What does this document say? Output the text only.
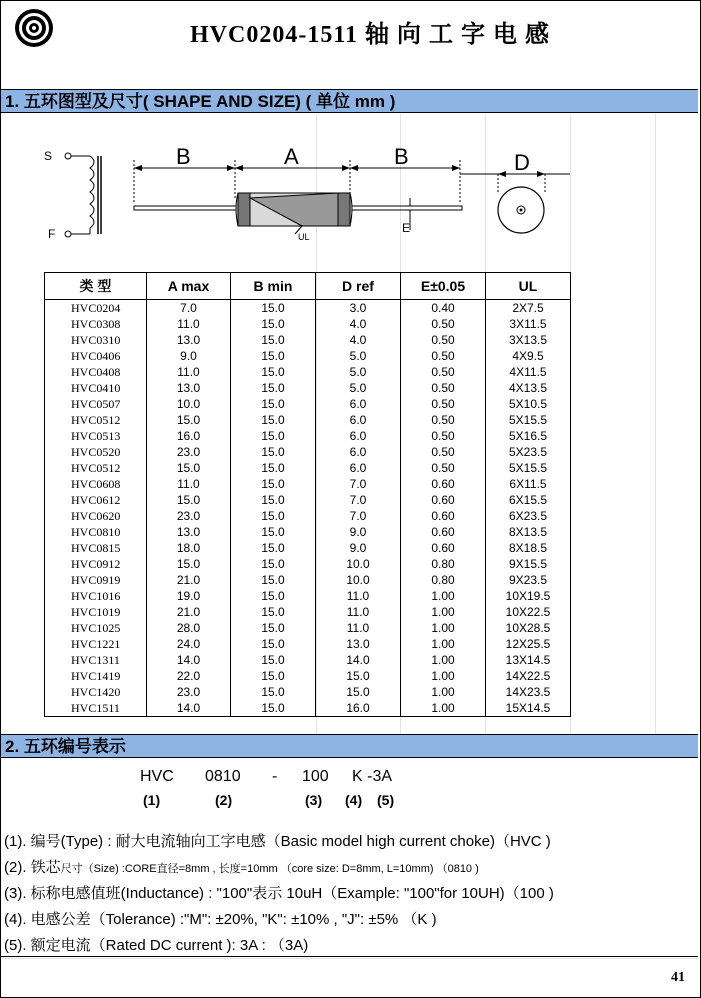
HVC0204-1511 轴 向 工 字 电 感
1. 五环图型及尺寸( SHAPE AND SIZE) ( 单位 mm )
S
F
B	A	B
UL
E
D
类 型	A max	B min	D ref	E±0.05	UL
HVC0204	7.0	15.0	3.0	0.40	2X7.5
HVC0308	11.0	15.0	4.0	0.50	3X11.5
HVC0310	13.0	15.0	4.0	0.50	3X13.5
HVC0406	9.0	15.0	5.0	0.50	4X9.5
HVC0408	11.0	15.0	5.0	0.50	4X11.5
HVC0410	13.0	15.0	5.0	0.50	4X13.5
HVC0507	10.0	15.0	6.0	0.50	5X10.5
HVC0512	15.0	15.0	6.0	0.50	5X15.5
HVC0513	16.0	15.0	6.0	0.50	5X16.5
HVC0520	23.0	15.0	6.0	0.50	5X23.5
HVC0512	15.0	15.0	6.0	0.50	5X15.5
HVC0608	11.0	15.0	7.0	0.60	6X11.5
HVC0612	15.0	15.0	7.0	0.60	6X15.5
HVC0620	23.0	15.0	7.0	0.60	6X23.5
HVC0810	13.0	15.0	9.0	0.60	8X13.5
HVC0815	18.0	15.0	9.0	0.60	8X18.5
HVC0912	15.0	15.0	10.0	0.80	9X15.5
HVC0919	21.0	15.0	10.0	0.80	9X23.5
HVC1016	19.0	15.0	11.0	1.00	10X19.5
HVC1019	21.0	15.0	11.0	1.00	10X22.5
HVC1025	28.0	15.0	11.0	1.00	10X28.5
HVC1221	24.0	15.0	13.0	1.00	12X25.5
HVC1311	14.0	15.0	14.0	1.00	13X14.5
HVC1419	22.0	15.0	15.0	1.00	14X22.5
HVC1420	23.0	15.0	15.0	1.00	14X23.5
HVC1511	14.0	15.0	16.0	1.00	15X14.5
2. 五环编号表示
HVC 0810 - 100 K -3A
(1)	(2)	(3) (4) (5)
(1). 编号(Type) : 耐大电流轴向工字电感（Basic model high current choke)（HVC )
(2). 铁芯尺寸（Size) :CORE直径=8mm , 长度=10mm （core size: D=8mm, L=10mm) （0810 )
(3). 标称电感值班(Inductance) : "100"表示 10uH（Example: "100"for 10UH)（100 )
(4). 电感公差（Tolerance) :"M": ±20%, "K": ±10% , "J": ±5% （K )
(5). 额定电流（Rated DC current ): 3A : （3A)
41
